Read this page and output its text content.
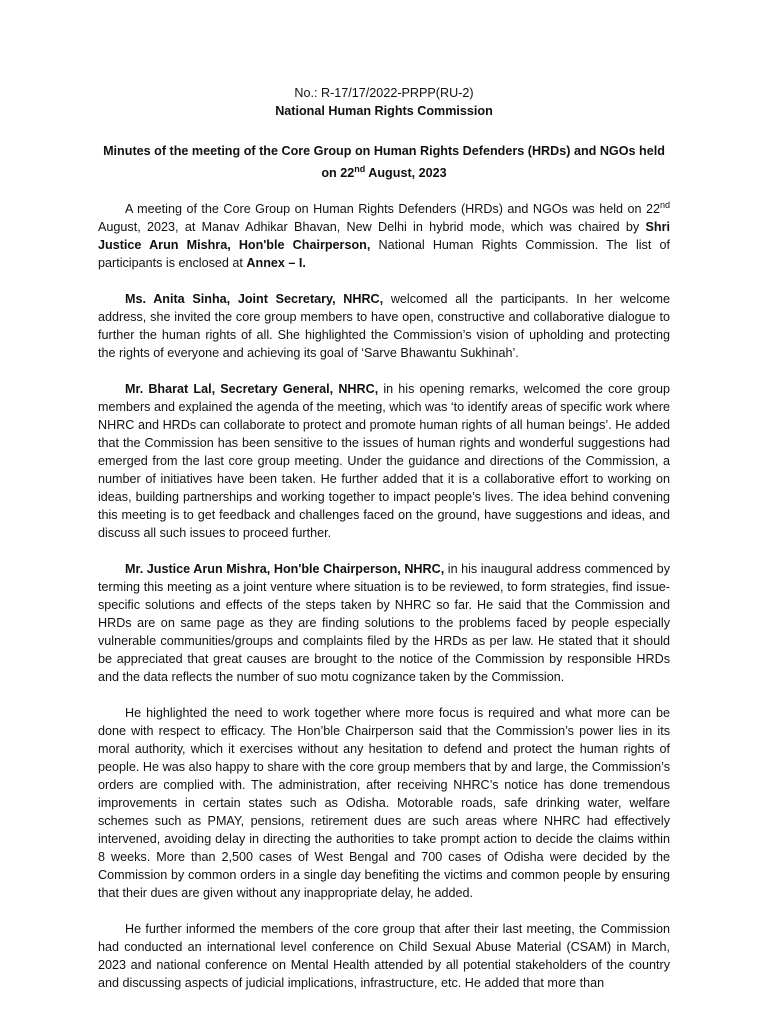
No.: R-17/17/2022-PRPP(RU-2)

National Human Rights Commission

Minutes of the meeting of the Core Group on Human Rights Defenders (HRDs) and NGOs held on 22nd August, 2023

A meeting of the Core Group on Human Rights Defenders (HRDs) and NGOs was held on 22nd August, 2023, at Manav Adhikar Bhavan, New Delhi in hybrid mode, which was chaired by Shri Justice Arun Mishra, Hon'ble Chairperson, National Human Rights Commission. The list of participants is enclosed at Annex – I.

Ms. Anita Sinha, Joint Secretary, NHRC, welcomed all the participants. In her welcome address, she invited the core group members to have open, constructive and collaborative dialogue to further the human rights of all. She highlighted the Commission’s vision of upholding and protecting the rights of everyone and achieving its goal of ‘Sarve Bhawantu Sukhinah’.

Mr. Bharat Lal, Secretary General, NHRC, in his opening remarks, welcomed the core group members and explained the agenda of the meeting, which was ‘to identify areas of specific work where NHRC and HRDs can collaborate to protect and promote human rights of all human beings’. He added that the Commission has been sensitive to the issues of human rights and wonderful suggestions had emerged from the last core group meeting. Under the guidance and directions of the Commission, a number of initiatives have been taken. He further added that it is a collaborative effort to working on ideas, building partnerships and working together to impact people’s lives. The idea behind convening this meeting is to get feedback and challenges faced on the ground, have suggestions and ideas, and discuss all such issues to proceed further.

Mr. Justice Arun Mishra, Hon'ble Chairperson, NHRC, in his inaugural address commenced by terming this meeting as a joint venture where situation is to be reviewed, to form strategies, find issue-specific solutions and effects of the steps taken by NHRC so far. He said that the Commission and HRDs are on same page as they are finding solutions to the problems faced by people especially vulnerable communities/groups and complaints filed by the HRDs as per law. He stated that it should be appreciated that great causes are brought to the notice of the Commission by responsible HRDs and the data reflects the number of suo motu cognizance taken by the Commission.

He highlighted the need to work together where more focus is required and what more can be done with respect to efficacy. The Hon’ble Chairperson said that the Commission’s power lies in its moral authority, which it exercises without any hesitation to defend and protect the human rights of people. He was also happy to share with the core group members that by and large, the Commission’s orders are complied with. The administration, after receiving NHRC’s notice has done tremendous improvements in certain states such as Odisha. Motorable roads, safe drinking water, welfare schemes such as PMAY, pensions, retirement dues are such areas where NHRC had effectively intervened, avoiding delay in directing the authorities to take prompt action to decide the claims within 8 weeks. More than 2,500 cases of West Bengal and 700 cases of Odisha were decided by the Commission by common orders in a single day benefiting the victims and common people by ensuring that their dues are given without any inappropriate delay, he added.

He further informed the members of the core group that after their last meeting, the Commission had conducted an international level conference on Child Sexual Abuse Material (CSAM) in March, 2023 and national conference on Mental Health attended by all potential stakeholders of the country and discussing aspects of judicial implications, infrastructure, etc. He added that more than
